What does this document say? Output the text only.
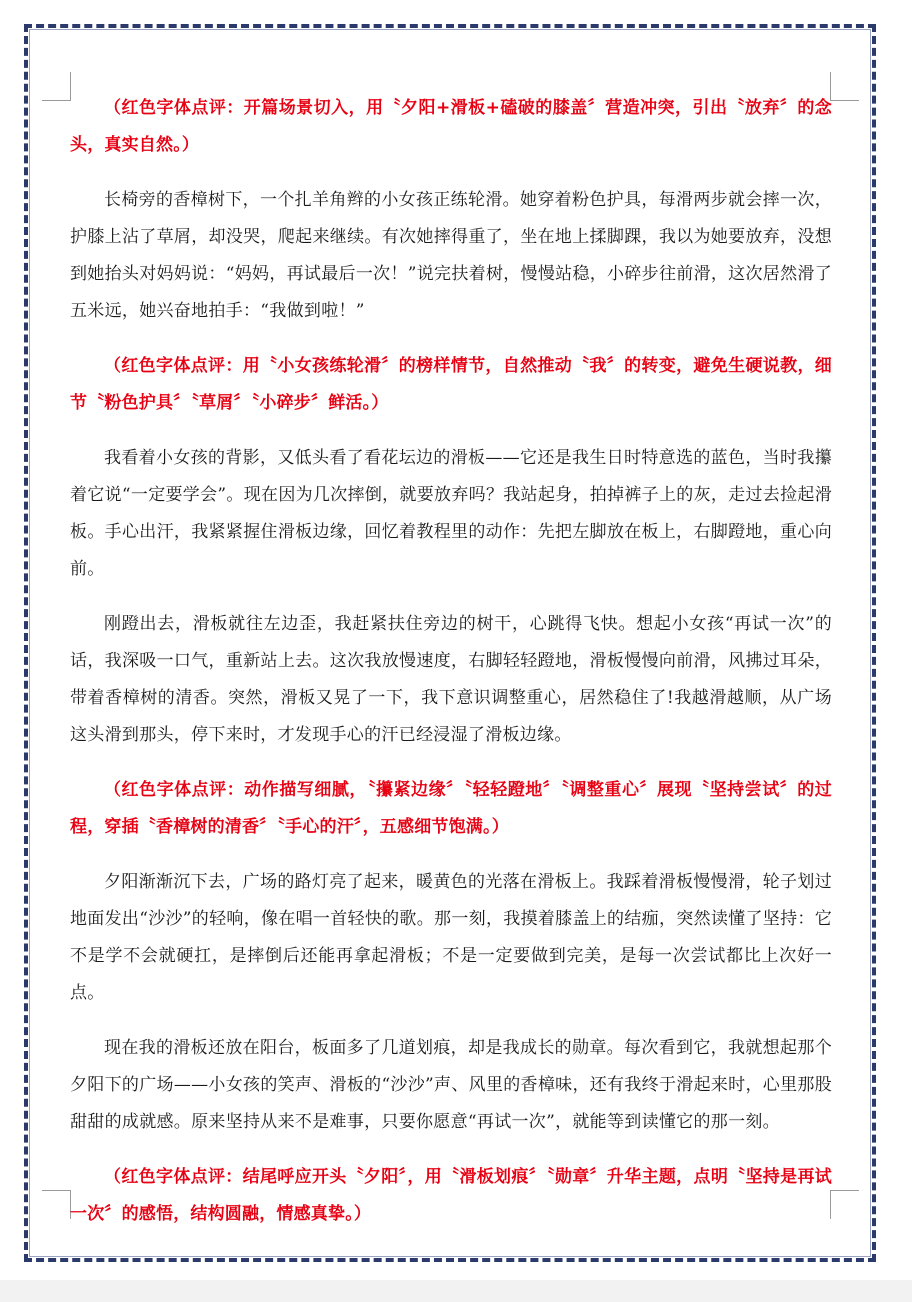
（红色字体点评：开篇场景切入，用〝夕阳+滑板+磕破的膝盖〞营造冲突，引出〝放弃〞的念头，真实自然。）

长椅旁的香樟树下，一个扎羊角辫的小女孩正练轮滑。她穿着粉色护具，每滑两步就会摔一次，护膝上沾了草屑，却没哭，爬起来继续。有次她摔得重了，坐在地上揉脚踝，我以为她要放弃，没想到她抬头对妈妈说：“妈妈，再试最后一次！”说完扶着树，慢慢站稳，小碎步往前滑，这次居然滑了五米远，她兴奋地拍手：“我做到啦！”

（红色字体点评：用〝小女孩练轮滑〞的榜样情节，自然推动〝我〞的转变，避免生硬说教，细节〝粉色护具〞〝草屑〞〝小碎步〞鲜活。）

我看着小女孩的背影，又低头看了看花坛边的滑板——它还是我生日时特意选的蓝色，当时我攥着它说“一定要学会”。现在因为几次摔倒，就要放弃吗？我站起身，拍掉裤子上的灰，走过去捡起滑板。手心出汗，我紧紧握住滑板边缘，回忆着教程里的动作：先把左脚放在板上，右脚蹬地，重心向前。

刚蹬出去，滑板就往左边歪，我赶紧扶住旁边的树干，心跳得飞快。想起小女孩“再试一次”的话，我深吸一口气，重新站上去。这次我放慢速度，右脚轻轻蹬地，滑板慢慢向前滑，风拂过耳朵，带着香樟树的清香。突然，滑板又晃了一下，我下意识调整重心，居然稳住了!我越滑越顺，从广场这头滑到那头，停下来时，才发现手心的汗已经浸湿了滑板边缘。

（红色字体点评：动作描写细腻，〝攥紧边缘〞〝轻轻蹬地〞〝调整重心〞展现〝坚持尝试〞的过程，穿插〝香樟树的清香〞〝手心的汗〞，五感细节饱满。）

夕阳渐渐沉下去，广场的路灯亮了起来，暖黄色的光落在滑板上。我踩着滑板慢慢滑，轮子划过地面发出“沙沙”的轻响，像在唱一首轻快的歌。那一刻，我摸着膝盖上的结痂，突然读懂了坚持：它不是学不会就硬扛，是摔倒后还能再拿起滑板；不是一定要做到完美，是每一次尝试都比上次好一点。

现在我的滑板还放在阳台，板面多了几道划痕，却是我成长的勋章。每次看到它，我就想起那个夕阳下的广场——小女孩的笑声、滑板的“沙沙”声、风里的香樟味，还有我终于滑起来时，心里那股甜甜的成就感。原来坚持从来不是难事，只要你愿意“再试一次”，就能等到读懂它的那一刻。

（红色字体点评：结尾呼应开头〝夕阳〞，用〝滑板划痕〞〝勋章〞升华主题，点明〝坚持是再试一次〞的感悟，结构圆融，情感真挚。）
